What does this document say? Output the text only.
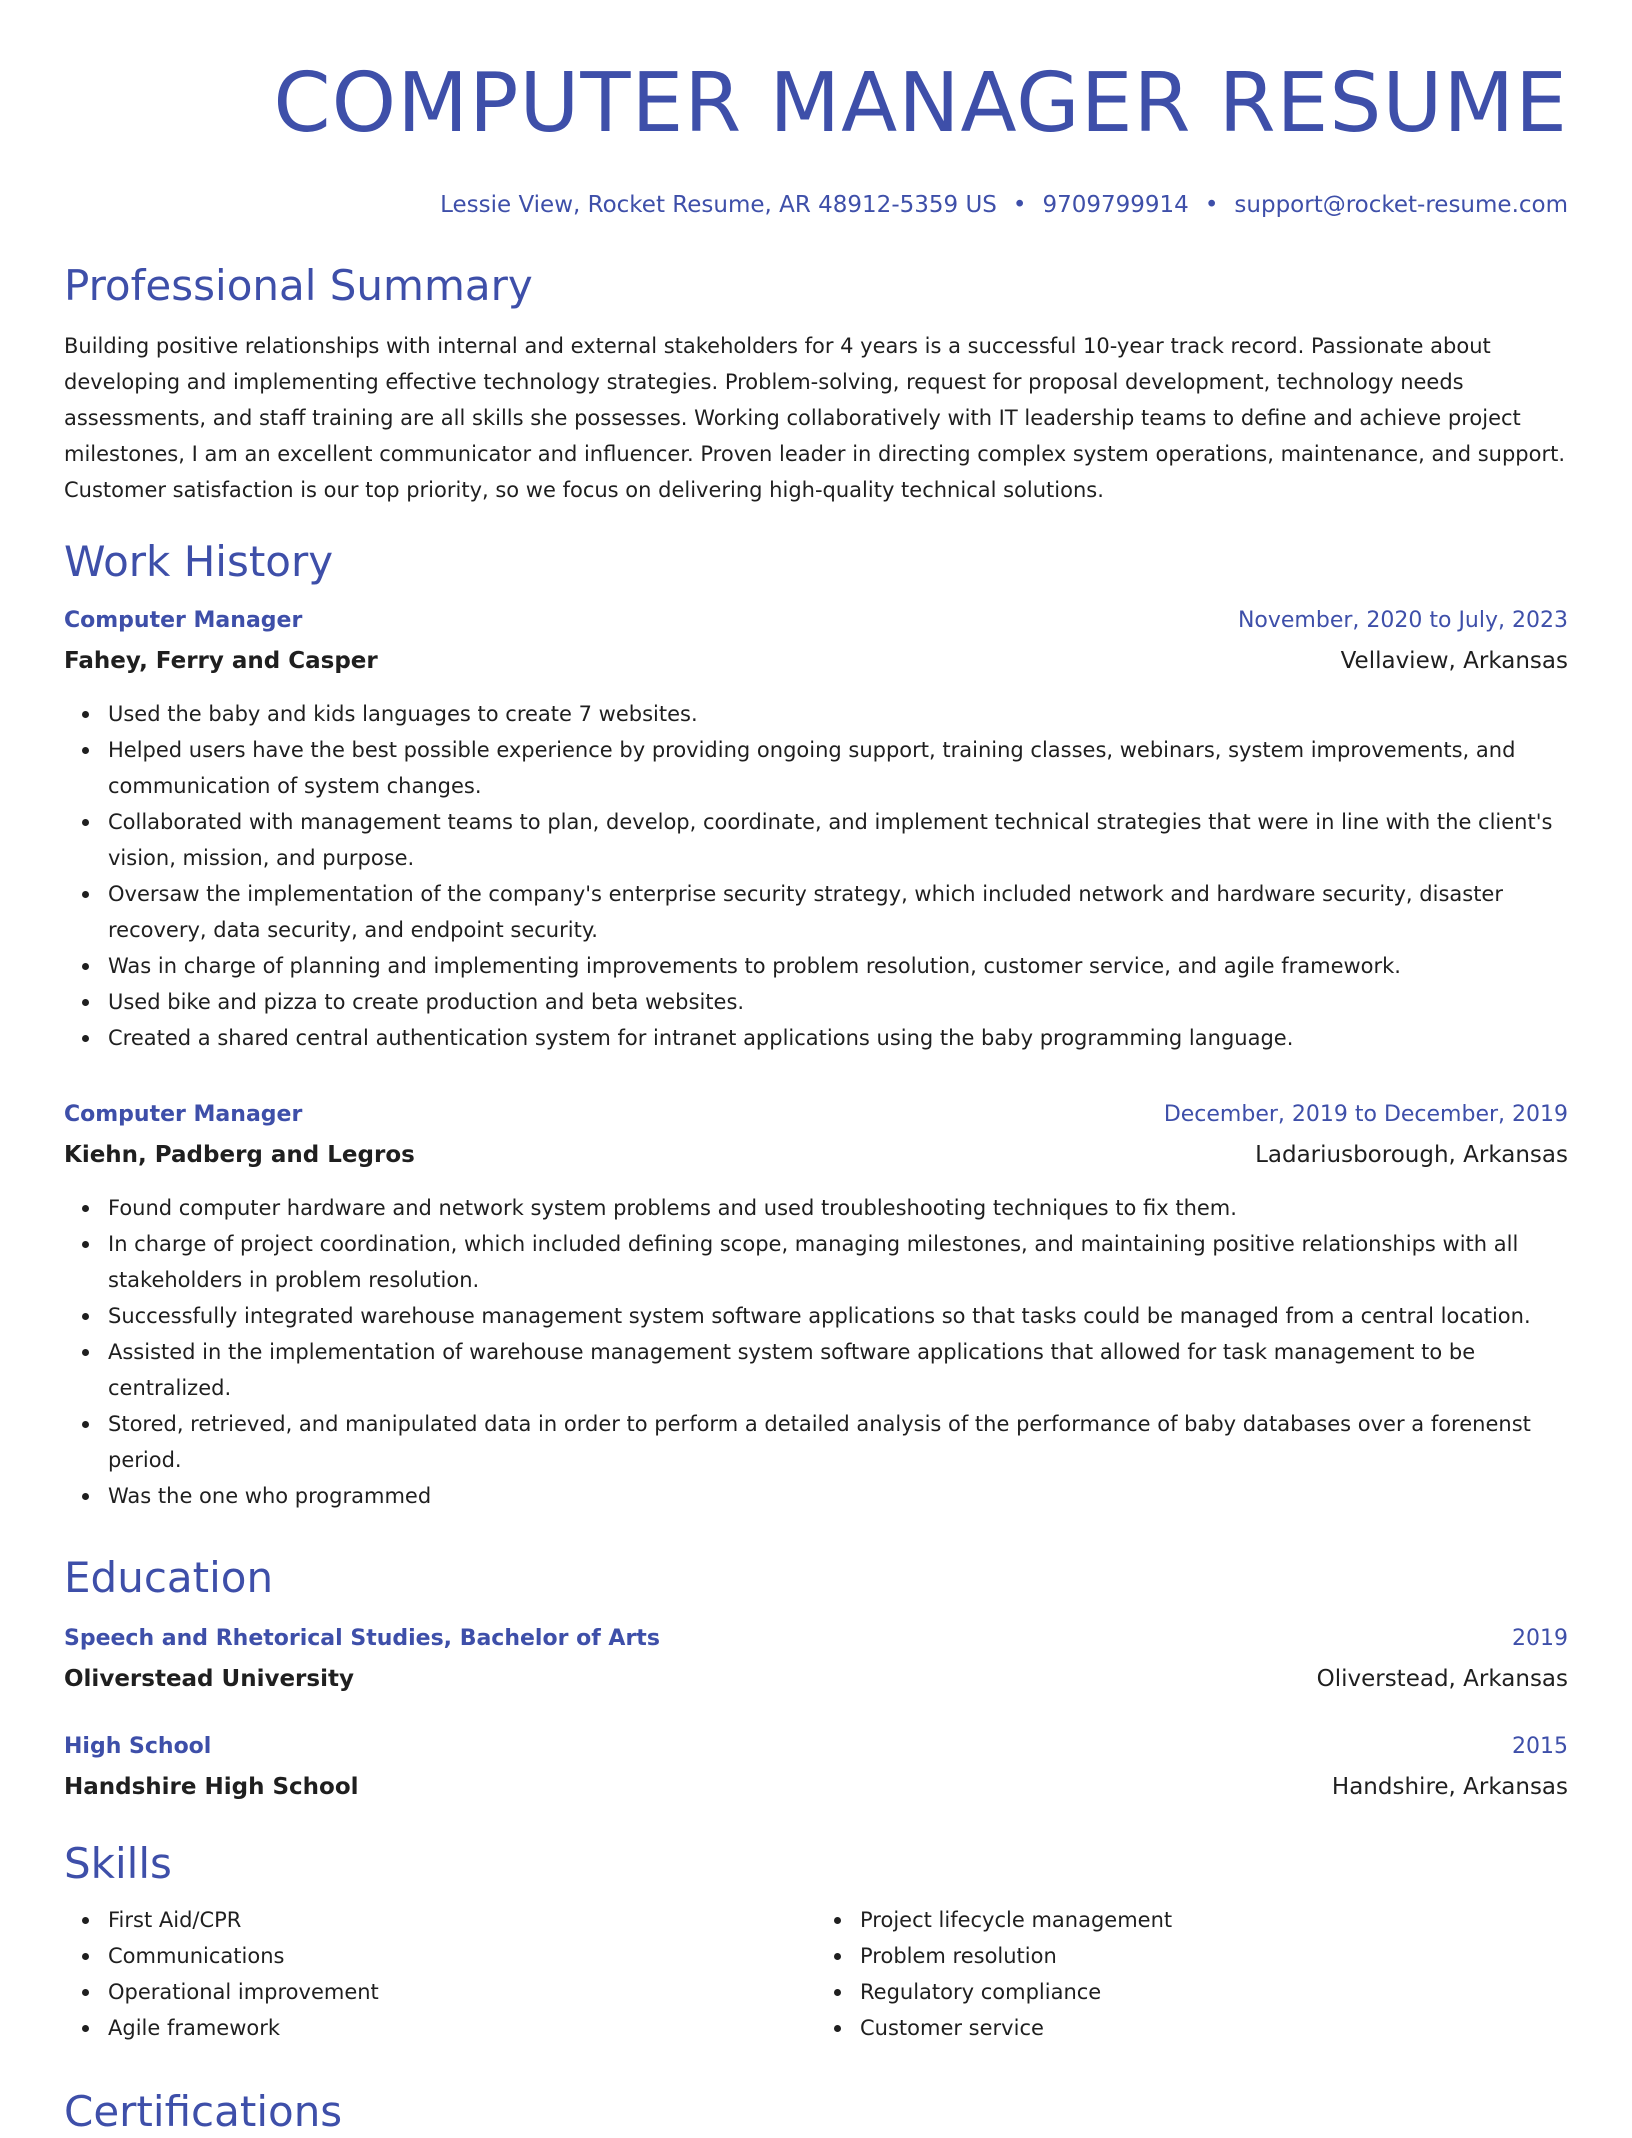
COMPUTER MANAGER RESUME
Lessie View, Rocket Resume, AR 48912-5359 US • 9709799914 • support@rocket-resume.com
Professional Summary
Building positive relationships with internal and external stakeholders for 4 years is a successful 10-year track record. Passionate about developing and implementing effective technology strategies. Problem-solving, request for proposal development, technology needs assessments, and staff training are all skills she possesses. Working collaboratively with IT leadership teams to define and achieve project milestones, I am an excellent communicator and influencer. Proven leader in directing complex system operations, maintenance, and support. Customer satisfaction is our top priority, so we focus on delivering high-quality technical solutions.
Work History
Computer Manager	November, 2020 to July, 2023
Fahey, Ferry and Casper	Vellaview, Arkansas
Used the baby and kids languages to create 7 websites.
Helped users have the best possible experience by providing ongoing support, training classes, webinars, system improvements, and communication of system changes.
Collaborated with management teams to plan, develop, coordinate, and implement technical strategies that were in line with the client's vision, mission, and purpose.
Oversaw the implementation of the company's enterprise security strategy, which included network and hardware security, disaster recovery, data security, and endpoint security.
Was in charge of planning and implementing improvements to problem resolution, customer service, and agile framework.
Used bike and pizza to create production and beta websites.
Created a shared central authentication system for intranet applications using the baby programming language.
Computer Manager	December, 2019 to December, 2019
Kiehn, Padberg and Legros	Ladariusborough, Arkansas
Found computer hardware and network system problems and used troubleshooting techniques to fix them.
In charge of project coordination, which included defining scope, managing milestones, and maintaining positive relationships with all stakeholders in problem resolution.
Successfully integrated warehouse management system software applications so that tasks could be managed from a central location.
Assisted in the implementation of warehouse management system software applications that allowed for task management to be centralized.
Stored, retrieved, and manipulated data in order to perform a detailed analysis of the performance of baby databases over a forenenst period.
Was the one who programmed
Education
Speech and Rhetorical Studies, Bachelor of Arts	2019
Oliverstead University	Oliverstead, Arkansas
High School	2015
Handshire High School	Handshire, Arkansas
Skills
First Aid/CPR
Communications
Operational improvement
Agile framework
Project lifecycle management
Problem resolution
Regulatory compliance
Customer service
Certifications
